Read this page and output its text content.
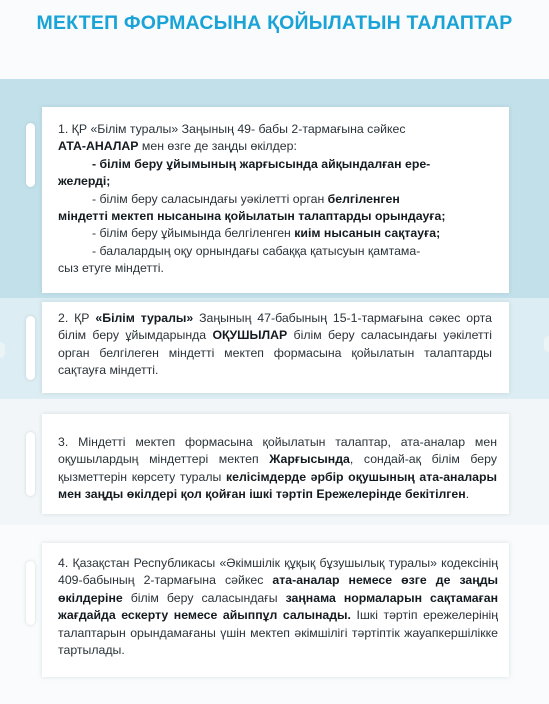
МЕКТЕП ФОРМАСЫНА ҚОЙЫЛАТЫН ТАЛАПТАР

1. ҚР «Білім туралы» Заңының 49- бабы 2-тармағына сәйкес

АТА-АНАЛАР мен өзге де заңды өкілдер:

- білім беру ұйымының жарғысында айқындалған ере-

желерді;

- білім беру саласындағы уәкілетті орган белгіленген

міндетті мектеп нысанына қойылатын талаптарды орындауға;

- білім беру ұйымында белгіленген киім нысанын сақтауға;

- балалардың оқу орнындағы сабаққа қатысуын қамтама-

сыз етуге міндетті.

2. ҚР «Білім туралы» Заңының 47-бабының 15-1-тармағына сәкес орта білім беру ұйымдарында ОҚУШЫЛАР білім беру саласындағы уәкілетті орган белгілеген міндетті мектеп формасына қойылатын талаптарды сақтауға міндетті.

3. Міндетті мектеп формасына қойылатын талаптар, ата-аналар мен оқушылардың міндеттері мектеп Жарғысында, сондай-ақ білім беру қызметтерін көрсету туралы келісімдерде әрбір оқушының ата-аналары мен заңды өкілдері қол қойған ішкі тәртіп Ережелерінде бекітілген.

4. Қазақстан Республикасы «Әкімшілік құқық бұзушылық туралы» кодексінің 409-бабының 2-тармағына сәйкес ата-аналар немесе өзге де заңды өкілдеріне білім беру саласындағы заңнама нормаларын сақтамаған жағдайда ескерту немесе айыппұл салынады. Ішкі тәртіп ережелерінің талаптарын орындамағаны үшін мектеп әкімшілігі тәртіптік жауапкершілікке тартылады.
